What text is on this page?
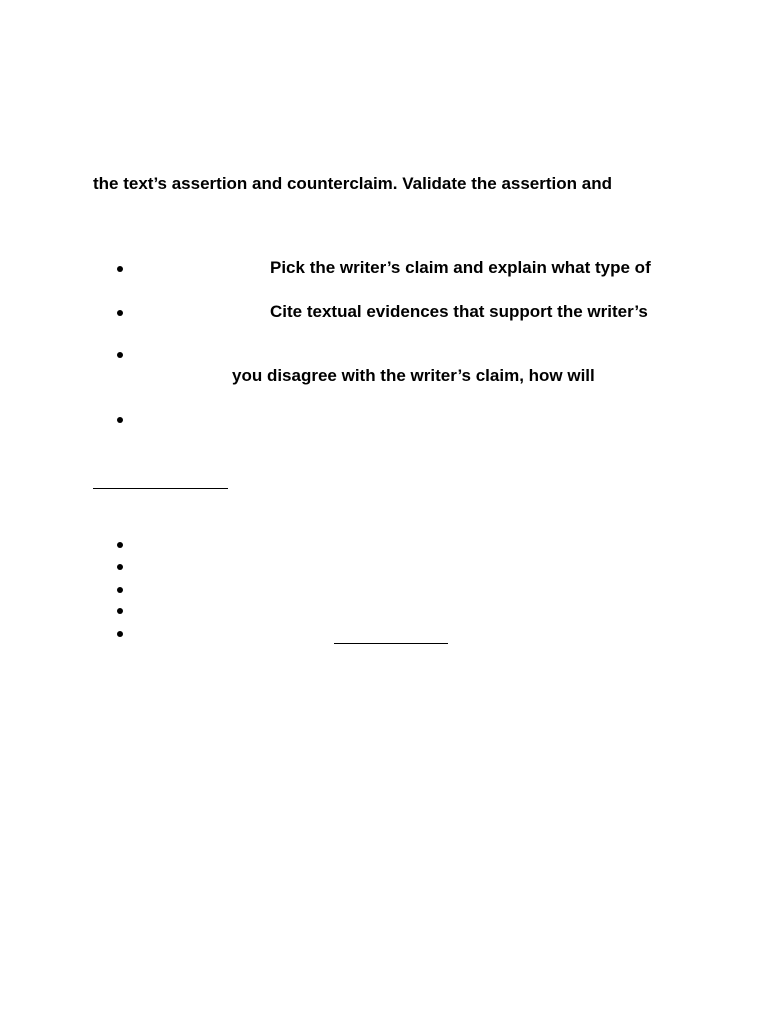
the text’s assertion and counterclaim. Validate the assertion and
Pick the writer’s claim and explain what type of
Cite textual evidences that support the writer’s
you disagree with the writer’s claim, how will
